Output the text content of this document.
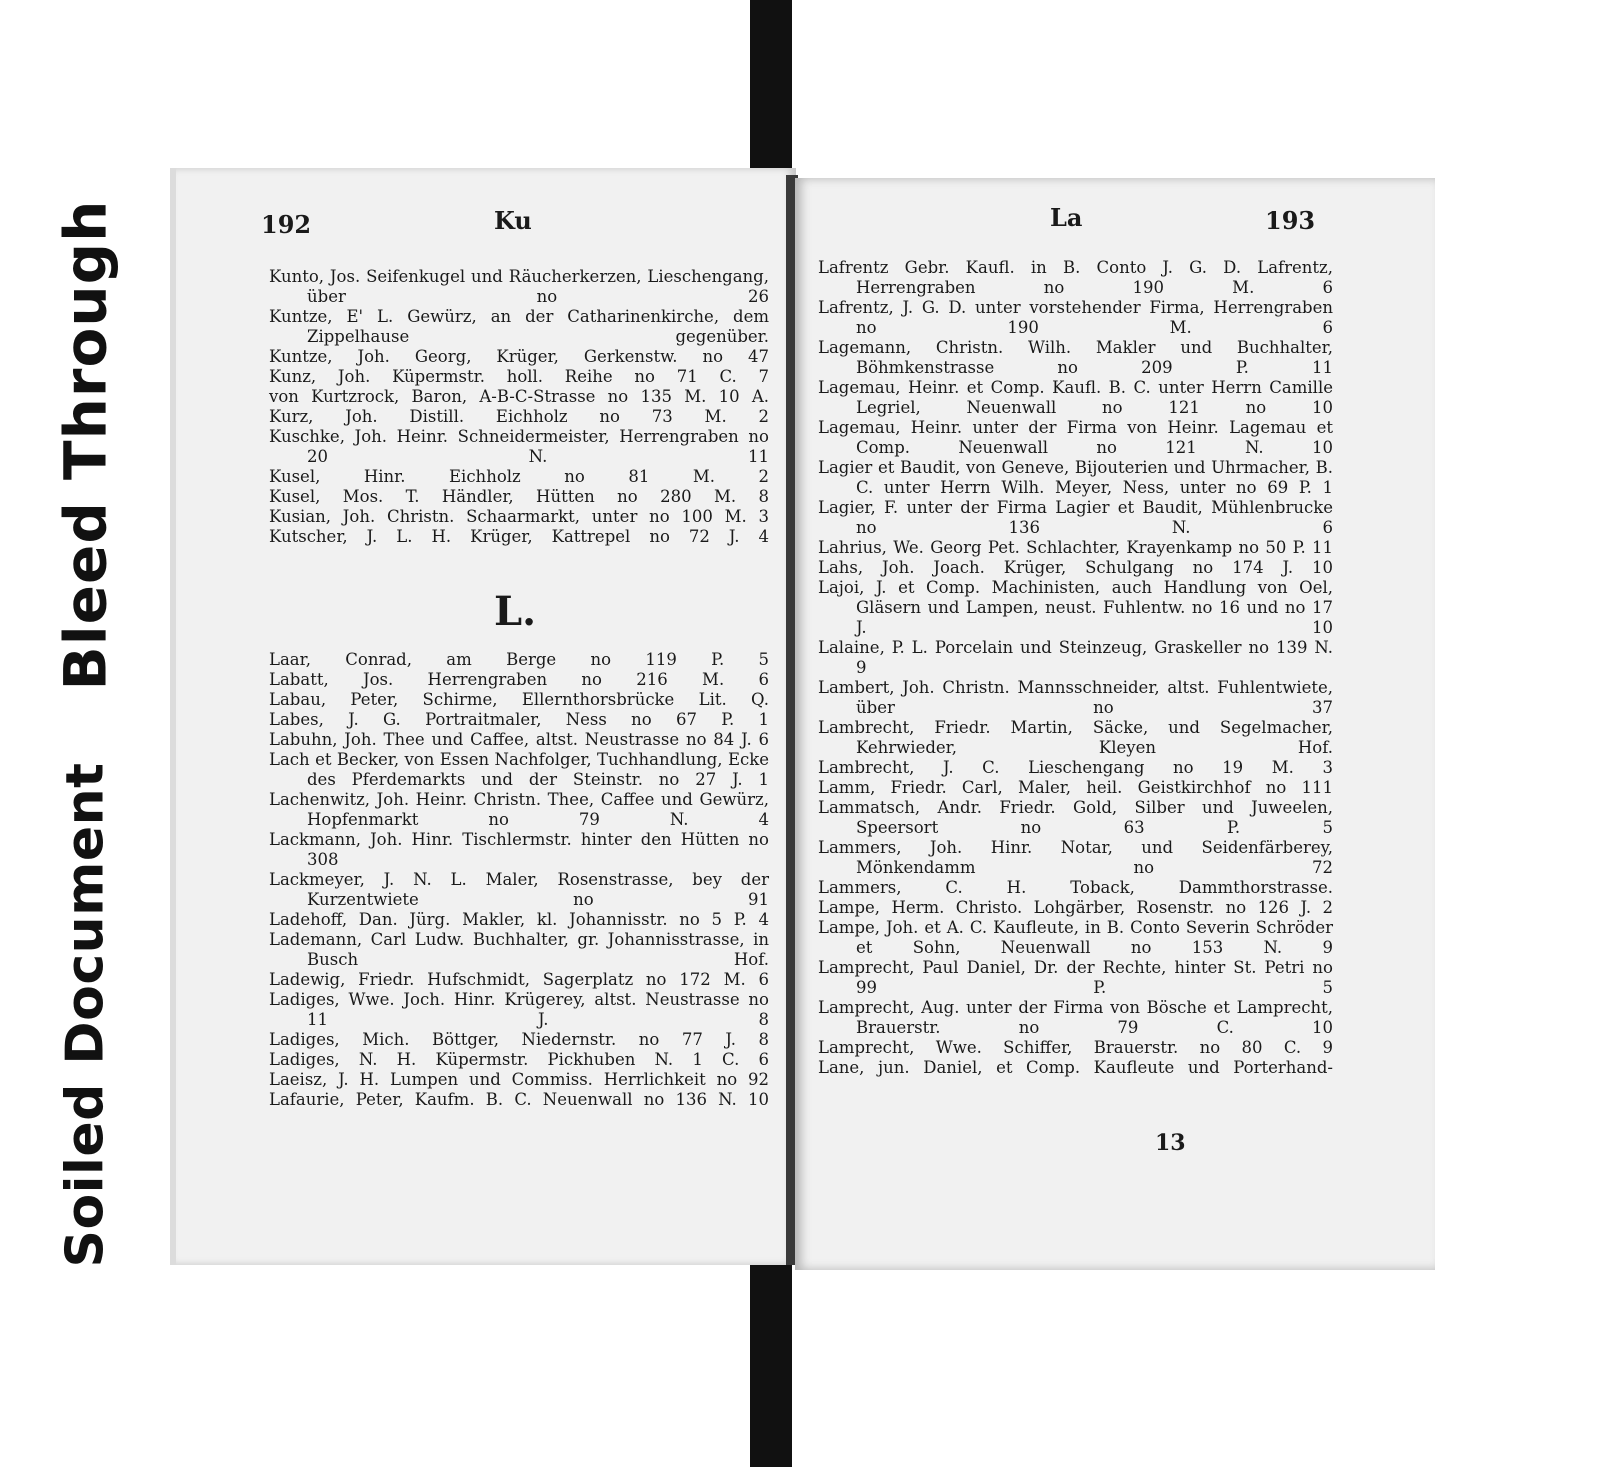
Bleed Through
Soiled Document
192	Ku
Kunto, Jos. Seifenkugel und Räucherkerzen, Lieschengang, über no 26
Kuntze, E' L. Gewürz, an der Catharinenkirche, dem Zippelhause gegenüber.
Kuntze, Joh. Georg, Krüger, Gerkenstw. no 47
Kunz, Joh. Küpermstr. holl. Reihe no 71 C. 7
von Kurtzrock, Baron, A-B-C-Strasse no 135 M. 10 A.
Kurz, Joh. Distill. Eichholz no 73 M. 2
Kuschke, Joh. Heinr. Schneidermeister, Herrengraben no 20 N. 11
Kusel, Hinr. Eichholz no 81 M. 2
Kusel, Mos. T. Händler, Hütten no 280 M. 8
Kusian, Joh. Christn. Schaarmarkt, unter no 100 M. 3
Kutscher, J. L. H. Krüger, Kattrepel no 72 J. 4
L.
Laar, Conrad, am Berge no 119 P. 5
Labatt, Jos. Herrengraben no 216 M. 6
Labau, Peter, Schirme, Ellernthorsbrücke Lit. Q.
Labes, J. G. Portraitmaler, Ness no 67 P. 1
Labuhn, Joh. Thee und Caffee, altst. Neustrasse no 84 J. 6
Lach et Becker, von Essen Nachfolger, Tuchhandlung, Ecke des Pferdemarkts und der Steinstr. no 27 J. 1
Lachenwitz, Joh. Heinr. Christn. Thee, Caffee und Gewürz, Hopfenmarkt no 79 N. 4
Lackmann, Joh. Hinr. Tischlermstr. hinter den Hütten no 308
Lackmeyer, J. N. L. Maler, Rosenstrasse, bey der Kurzentwiete no 91
Ladehoff, Dan. Jürg. Makler, kl. Johannisstr. no 5 P. 4
Lademann, Carl Ludw. Buchhalter, gr. Johannisstrasse, in Busch Hof.
Ladewig, Friedr. Hufschmidt, Sagerplatz no 172 M. 6
Ladiges, Wwe. Joch. Hinr. Krügerey, altst. Neustrasse no 11 J. 8
Ladiges, Mich. Böttger, Niedernstr. no 77 J. 8
Ladiges, N. H. Küpermstr. Pickhuben N. 1 C. 6
Laeisz, J. H. Lumpen und Commiss. Herrlichkeit no 92
Lafaurie, Peter, Kaufm. B. C. Neuenwall no 136 N. 10
La	193
Lafrentz Gebr. Kaufl. in B. Conto J. G. D. Lafrentz, Herrengraben no 190 M. 6
Lafrentz, J. G. D. unter vorstehender Firma, Herrengraben no 190 M. 6
Lagemann, Christn. Wilh. Makler und Buchhalter, Böhmkenstrasse no 209 P. 11
Lagemau, Heinr. et Comp. Kaufl. B. C. unter Herrn Camille Legriel, Neuenwall no 121 no 10
Lagemau, Heinr. unter der Firma von Heinr. Lagemau et Comp. Neuenwall no 121 N. 10
Lagier et Baudit, von Geneve, Bijouterien und Uhrmacher, B. C. unter Herrn Wilh. Meyer, Ness, unter no 69 P. 1
Lagier, F. unter der Firma Lagier et Baudit, Mühlenbrucke no 136 N. 6
Lahrius, We. Georg Pet. Schlachter, Krayenkamp no 50 P. 11
Lahs, Joh. Joach. Krüger, Schulgang no 174 J. 10
Lajoi, J. et Comp. Machinisten, auch Handlung von Oel, Gläsern und Lampen, neust. Fuhlentw. no 16 und no 17 J. 10
Lalaine, P. L. Porcelain und Steinzeug, Graskeller no 139 N. 9
Lambert, Joh. Christn. Mannsschneider, altst. Fuhlentwiete, über no 37
Lambrecht, Friedr. Martin, Säcke, und Segelmacher, Kehrwieder, Kleyen Hof.
Lambrecht, J. C. Lieschengang no 19 M. 3
Lamm, Friedr. Carl, Maler, heil. Geistkirchhof no 111
Lammatsch, Andr. Friedr. Gold, Silber und Juweelen, Speersort no 63 P. 5
Lammers, Joh. Hinr. Notar, und Seidenfärberey, Mönkendamm no 72
Lammers, C. H. Toback, Dammthorstrasse.
Lampe, Herm. Christo. Lohgärber, Rosenstr. no 126 J. 2
Lampe, Joh. et A. C. Kaufleute, in B. Conto Severin Schröder et Sohn, Neuenwall no 153 N. 9
Lamprecht, Paul Daniel, Dr. der Rechte, hinter St. Petri no 99 P. 5
Lamprecht, Aug. unter der Firma von Bösche et Lamprecht, Brauerstr. no 79 C. 10
Lamprecht, Wwe. Schiffer, Brauerstr. no 80 C. 9
Lane, jun. Daniel, et Comp. Kaufleute und Porterhand-
13
